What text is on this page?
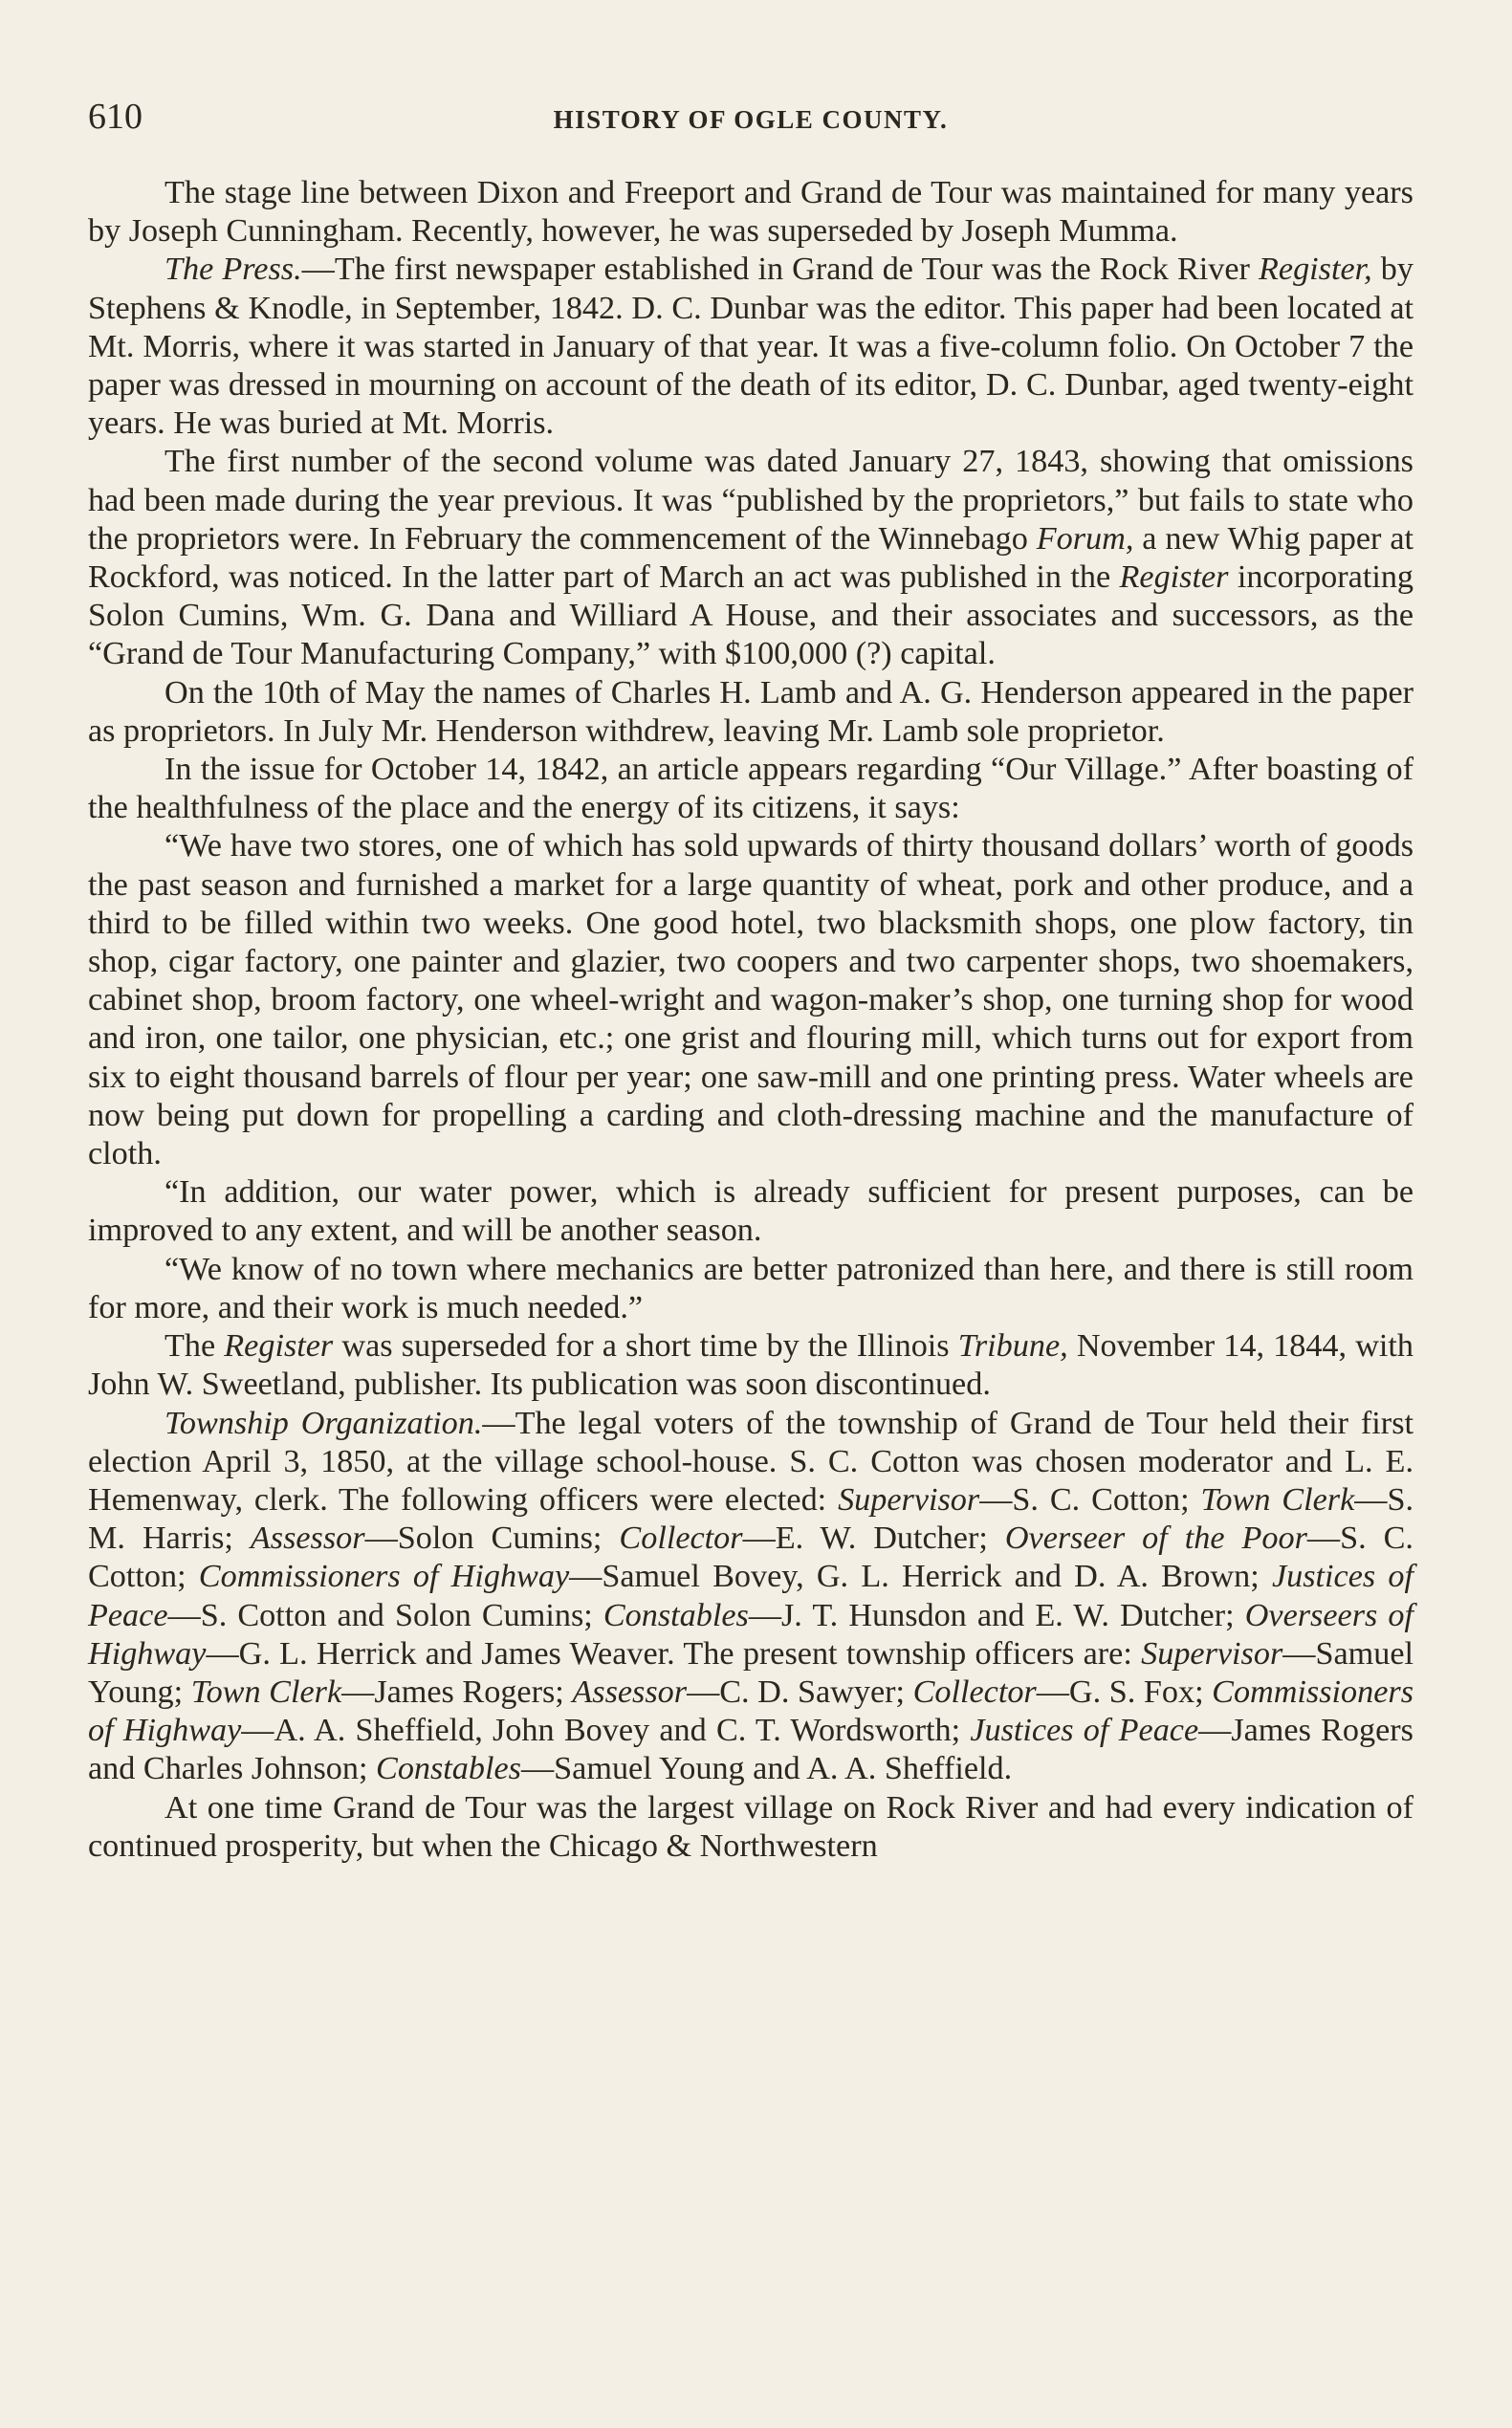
610	HISTORY OF OGLE COUNTY.

The stage line between Dixon and Freeport and Grand de Tour was maintained for many years by Joseph Cunningham. Recently, however, he was superseded by Joseph Mumma.

The Press.—The first newspaper established in Grand de Tour was the Rock River Register, by Stephens & Knodle, in September, 1842. D. C. Dunbar was the editor. This paper had been located at Mt. Morris, where it was started in January of that year. It was a five-column folio. On October 7 the paper was dressed in mourning on account of the death of its editor, D. C. Dunbar, aged twenty-eight years. He was buried at Mt. Morris.

The first number of the second volume was dated January 27, 1843, showing that omissions had been made during the year previous. It was “published by the proprietors,” but fails to state who the proprietors were. In February the commencement of the Winnebago Forum, a new Whig paper at Rockford, was noticed. In the latter part of March an act was published in the Register incorporating Solon Cumins, Wm. G. Dana and Williard A House, and their associates and successors, as the “Grand de Tour Manufacturing Company,” with $100,000 (?) capital.

On the 10th of May the names of Charles H. Lamb and A. G. Henderson appeared in the paper as proprietors. In July Mr. Henderson withdrew, leaving Mr. Lamb sole proprietor.

In the issue for October 14, 1842, an article appears regarding “Our Village.” After boasting of the healthfulness of the place and the energy of its citizens, it says:

“We have two stores, one of which has sold upwards of thirty thousand dollars’ worth of goods the past season and furnished a market for a large quantity of wheat, pork and other produce, and a third to be filled within two weeks. One good hotel, two blacksmith shops, one plow factory, tin shop, cigar factory, one painter and glazier, two coopers and two carpenter shops, two shoemakers, cabinet shop, broom factory, one wheel-wright and wagon-maker’s shop, one turning shop for wood and iron, one tailor, one physician, etc.; one grist and flouring mill, which turns out for export from six to eight thousand barrels of flour per year; one saw-mill and one printing press. Water wheels are now being put down for propelling a carding and cloth-dressing machine and the manufacture of cloth.

“In addition, our water power, which is already sufficient for present purposes, can be improved to any extent, and will be another season.

“We know of no town where mechanics are better patronized than here, and there is still room for more, and their work is much needed.”

The Register was superseded for a short time by the Illinois Tribune, November 14, 1844, with John W. Sweetland, publisher. Its publication was soon discontinued.

Township Organization.—The legal voters of the township of Grand de Tour held their first election April 3, 1850, at the village school-house. S. C. Cotton was chosen moderator and L. E. Hemenway, clerk. The following officers were elected: Supervisor—S. C. Cotton; Town Clerk—S. M. Harris; Assessor—Solon Cumins; Collector—E. W. Dutcher; Overseer of the Poor—S. C. Cotton; Commissioners of Highway—Samuel Bovey, G. L. Herrick and D. A. Brown; Justices of Peace—S. Cotton and Solon Cumins; Constables—J. T. Hunsdon and E. W. Dutcher; Overseers of Highway—G. L. Herrick and James Weaver. The present township officers are: Supervisor—Samuel Young; Town Clerk—James Rogers; Assessor—C. D. Sawyer; Collector—G. S. Fox; Commissioners of Highway—A. A. Sheffield, John Bovey and C. T. Wordsworth; Justices of Peace—James Rogers and Charles Johnson; Constables—Samuel Young and A. A. Sheffield.

At one time Grand de Tour was the largest village on Rock River and had every indication of continued prosperity, but when the Chicago & Northwestern
